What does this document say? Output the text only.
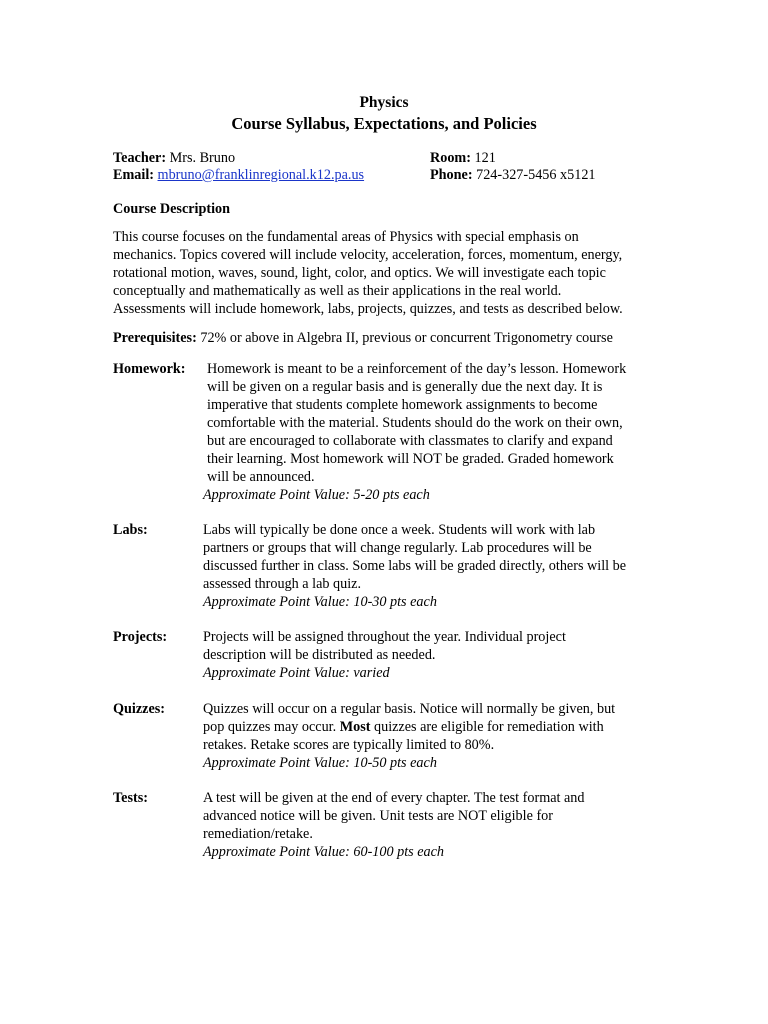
Physics
Course Syllabus, Expectations, and Policies

Teacher: Mrs. Bruno	Room: 121

Email: mbruno@franklinregional.k12.pa.us	Phone: 724-327-5456 x5121

Course Description

This course focuses on the fundamental areas of Physics with special emphasis on
mechanics. Topics covered will include velocity, acceleration, forces, momentum, energy,
rotational motion, waves, sound, light, color, and optics. We will investigate each topic
conceptually and mathematically as well as their applications in the real world.
Assessments will include homework, labs, projects, quizzes, and tests as described below.

Prerequisites: 72% or above in Algebra II, previous or concurrent Trigonometry course

Homework: Homework is meant to be a reinforcement of the day’s lesson. Homework
will be given on a regular basis and is generally due the next day. It is
imperative that students complete homework assignments to become
comfortable with the material. Students should do the work on their own,
but are encouraged to collaborate with classmates to clarify and expand
their learning. Most homework will NOT be graded. Graded homework
will be announced.
Approximate Point Value: 5-20 pts each

Labs:	Labs will typically be done once a week. Students will work with lab
partners or groups that will change regularly. Lab procedures will be
discussed further in class. Some labs will be graded directly, others will be
assessed through a lab quiz.
Approximate Point Value: 10-30 pts each

Projects:	Projects will be assigned throughout the year. Individual project
description will be distributed as needed.
Approximate Point Value: varied

Quizzes:	Quizzes will occur on a regular basis. Notice will normally be given, but
pop quizzes may occur. Most quizzes are eligible for remediation with
retakes. Retake scores are typically limited to 80%.
Approximate Point Value: 10-50 pts each

Tests:	A test will be given at the end of every chapter. The test format and
advanced notice will be given. Unit tests are NOT eligible for
remediation/retake.
Approximate Point Value: 60-100 pts each
